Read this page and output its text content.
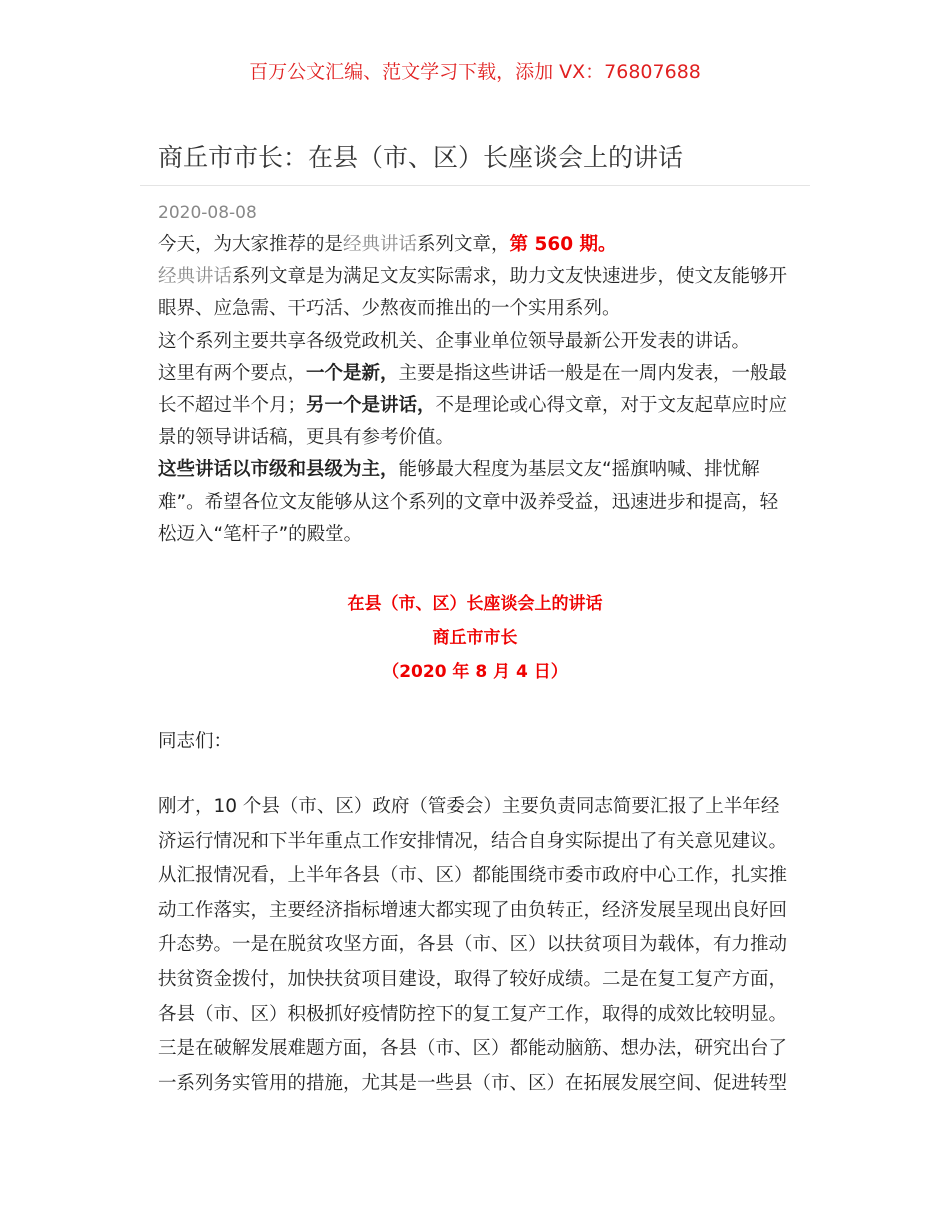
百万公文汇编、范文学习下载，添加 VX：76807688
商丘市市长：在县（市、区）长座谈会上的讲话
2020-08-08
今天，为大家推荐的是经典讲话系列文章，第 560 期。
经典讲话系列文章是为满足文友实际需求，助力文友快速进步，使文友能够开
眼界、应急需、干巧活、少熬夜而推出的一个实用系列。
这个系列主要共享各级党政机关、企事业单位领导最新公开发表的讲话。
这里有两个要点，一个是新，主要是指这些讲话一般是在一周内发表，一般最
长不超过半个月；另一个是讲话，不是理论或心得文章，对于文友起草应时应
景的领导讲话稿，更具有参考价值。
这些讲话以市级和县级为主，能够最大程度为基层文友“摇旗呐喊、排忧解
难”。希望各位文友能够从这个系列的文章中汲养受益，迅速进步和提高，轻
松迈入“笔杆子”的殿堂。
在县（市、区）长座谈会上的讲话
商丘市市长
（2020 年 8 月 4 日）
同志们：
刚才，10 个县（市、区）政府（管委会）主要负责同志简要汇报了上半年经
济运行情况和下半年重点工作安排情况，结合自身实际提出了有关意见建议。
从汇报情况看，上半年各县（市、区）都能围绕市委市政府中心工作，扎实推
动工作落实，主要经济指标增速大都实现了由负转正，经济发展呈现出良好回
升态势。一是在脱贫攻坚方面，各县（市、区）以扶贫项目为载体，有力推动
扶贫资金拨付，加快扶贫项目建设，取得了较好成绩。二是在复工复产方面，
各县（市、区）积极抓好疫情防控下的复工复产工作，取得的成效比较明显。
三是在破解发展难题方面，各县（市、区）都能动脑筋、想办法，研究出台了
一系列务实管用的措施，尤其是一些县（市、区）在拓展发展空间、促进转型
